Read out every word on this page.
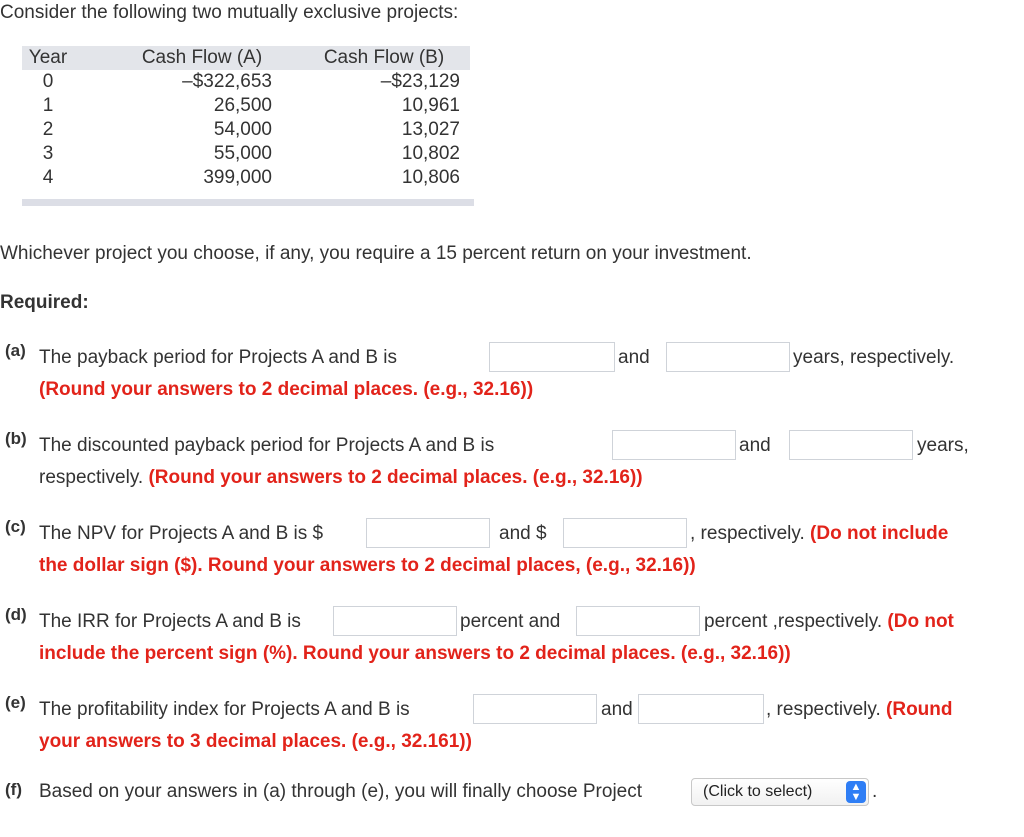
Consider the following two mutually exclusive projects:
Year	Cash Flow (A)	Cash Flow (B)
0	–$322,653	–$23,129
1	26,500	10,961
2	54,000	13,027
3	55,000	10,802
4	399,000	10,806
Whichever project you choose, if any, you require a 15 percent return on your investment.
Required:
(a) The payback period for Projects A and B is	and	years, respectively.
(Round your answers to 2 decimal places. (e.g., 32.16))
(b) The discounted payback period for Projects A and B is	and	years,
respectively. (Round your answers to 2 decimal places. (e.g., 32.16))
(c) The NPV for Projects A and B is $	and $	, respectively. (Do not include
the dollar sign ($). Round your answers to 2 decimal places, (e.g., 32.16))
(d) The IRR for Projects A and B is	percent and	percent ,respectively. (Do not
include the percent sign (%). Round your answers to 2 decimal places. (e.g., 32.16))
(e) The profitability index for Projects A and B is	and	, respectively. (Round
your answers to 3 decimal places. (e.g., 32.161))
(f) Based on your answers in (a) through (e), you will finally choose Project	(Click to select)	▲
▼ .
